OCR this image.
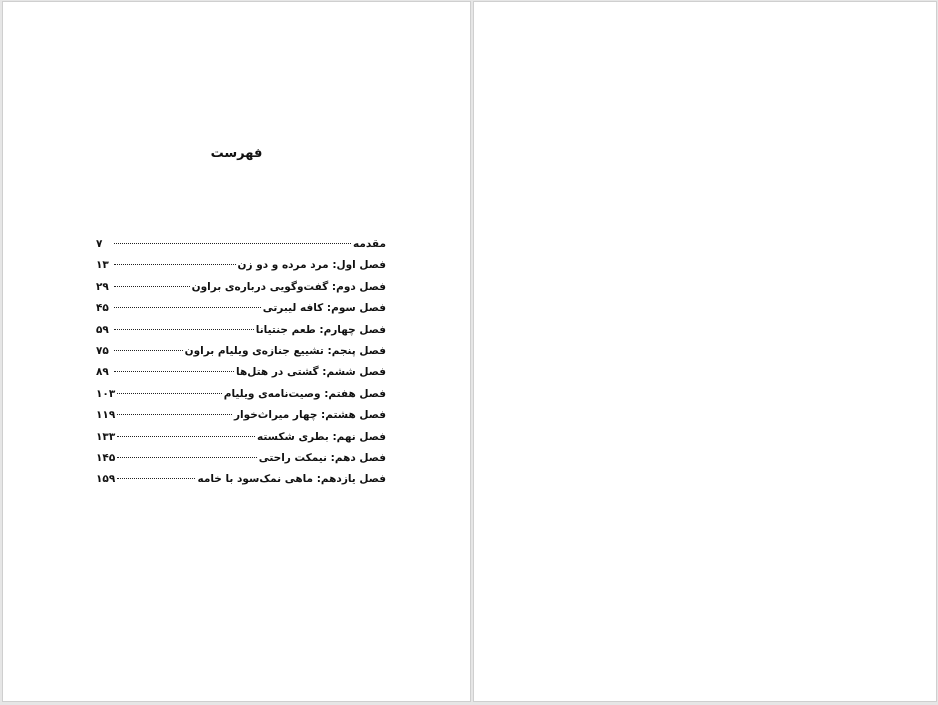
فهرست
مقدمه
۷
فصل اول: مرد مرده و دو زن
۱۳
فصل دوم: گفت‌وگویی درباره‌ی براون
۲۹
فصل سوم: کافه لیبرتی
۴۵
فصل چهارم: طعم جنتیانا
۵۹
فصل پنجم: تشییع جنازه‌ی ویلیام براون
۷۵
فصل ششم: گشتی در هتل‌ها
۸۹
فصل هفتم: وصیت‌نامه‌ی ویلیام
۱۰۳
فصل هشتم: چهار میراث‌خوار
۱۱۹
فصل نهم: بطری شکسته
۱۳۳
فصل دهم: نیمکت راحتی
۱۴۵
فصل یازدهم: ماهی نمک‌سود با خامه
۱۵۹
